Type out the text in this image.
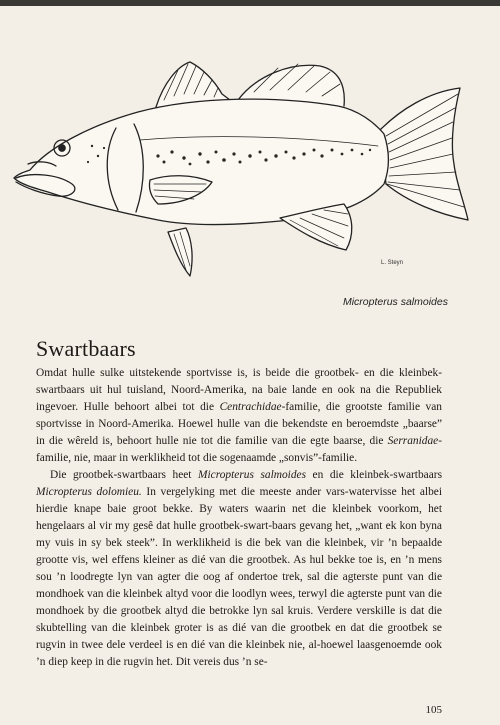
L. Steyn
Micropterus salmoides
Swartbaars

Omdat hulle sulke uitstekende sportvisse is, is beide die grootbek- en die kleinbek-swartbaars uit hul tuisland, Noord-Amerika, na baie lande en ook na die Republiek ingevoer. Hulle behoort albei tot die Centrachidae-familie, die grootste familie van sportvisse in Noord-Amerika. Hoewel hulle van die bekendste en beroemdste „baarse” in die wêreld is, behoort hulle nie tot die familie van die egte baarse, die Serranidae-familie, nie, maar in werklikheid tot die sogenaamde „sonvis”-familie.

Die grootbek-swartbaars heet Micropterus salmoides en die kleinbek-swartbaars Micropterus dolomieu. In vergelyking met die meeste ander vars-watervisse het albei hierdie knape baie groot bekke. By waters waarin net die kleinbek voorkom, het hengelaars al vir my gesê dat hulle grootbek-swart-baars gevang het, „want ek kon byna my vuis in sy bek steek”. In werklikheid is die bek van die kleinbek, vir ’n bepaalde grootte vis, wel effens kleiner as dié van die grootbek. As hul bekke toe is, en ’n mens sou ’n loodregte lyn van agter die oog af ondertoe trek, sal die agterste punt van die mondhoek van die kleinbek altyd voor die loodlyn wees, terwyl die agterste punt van die mondhoek by die grootbek altyd die betrokke lyn sal kruis. Verdere verskille is dat die skubtelling van die kleinbek groter is as dié van die grootbek en dat die grootbek se rugvin in twee dele verdeel is en dié van die kleinbek nie, al-hoewel laasgenoemde ook ’n diep keep in die rugvin het. Dit vereis dus ’n se-

105
